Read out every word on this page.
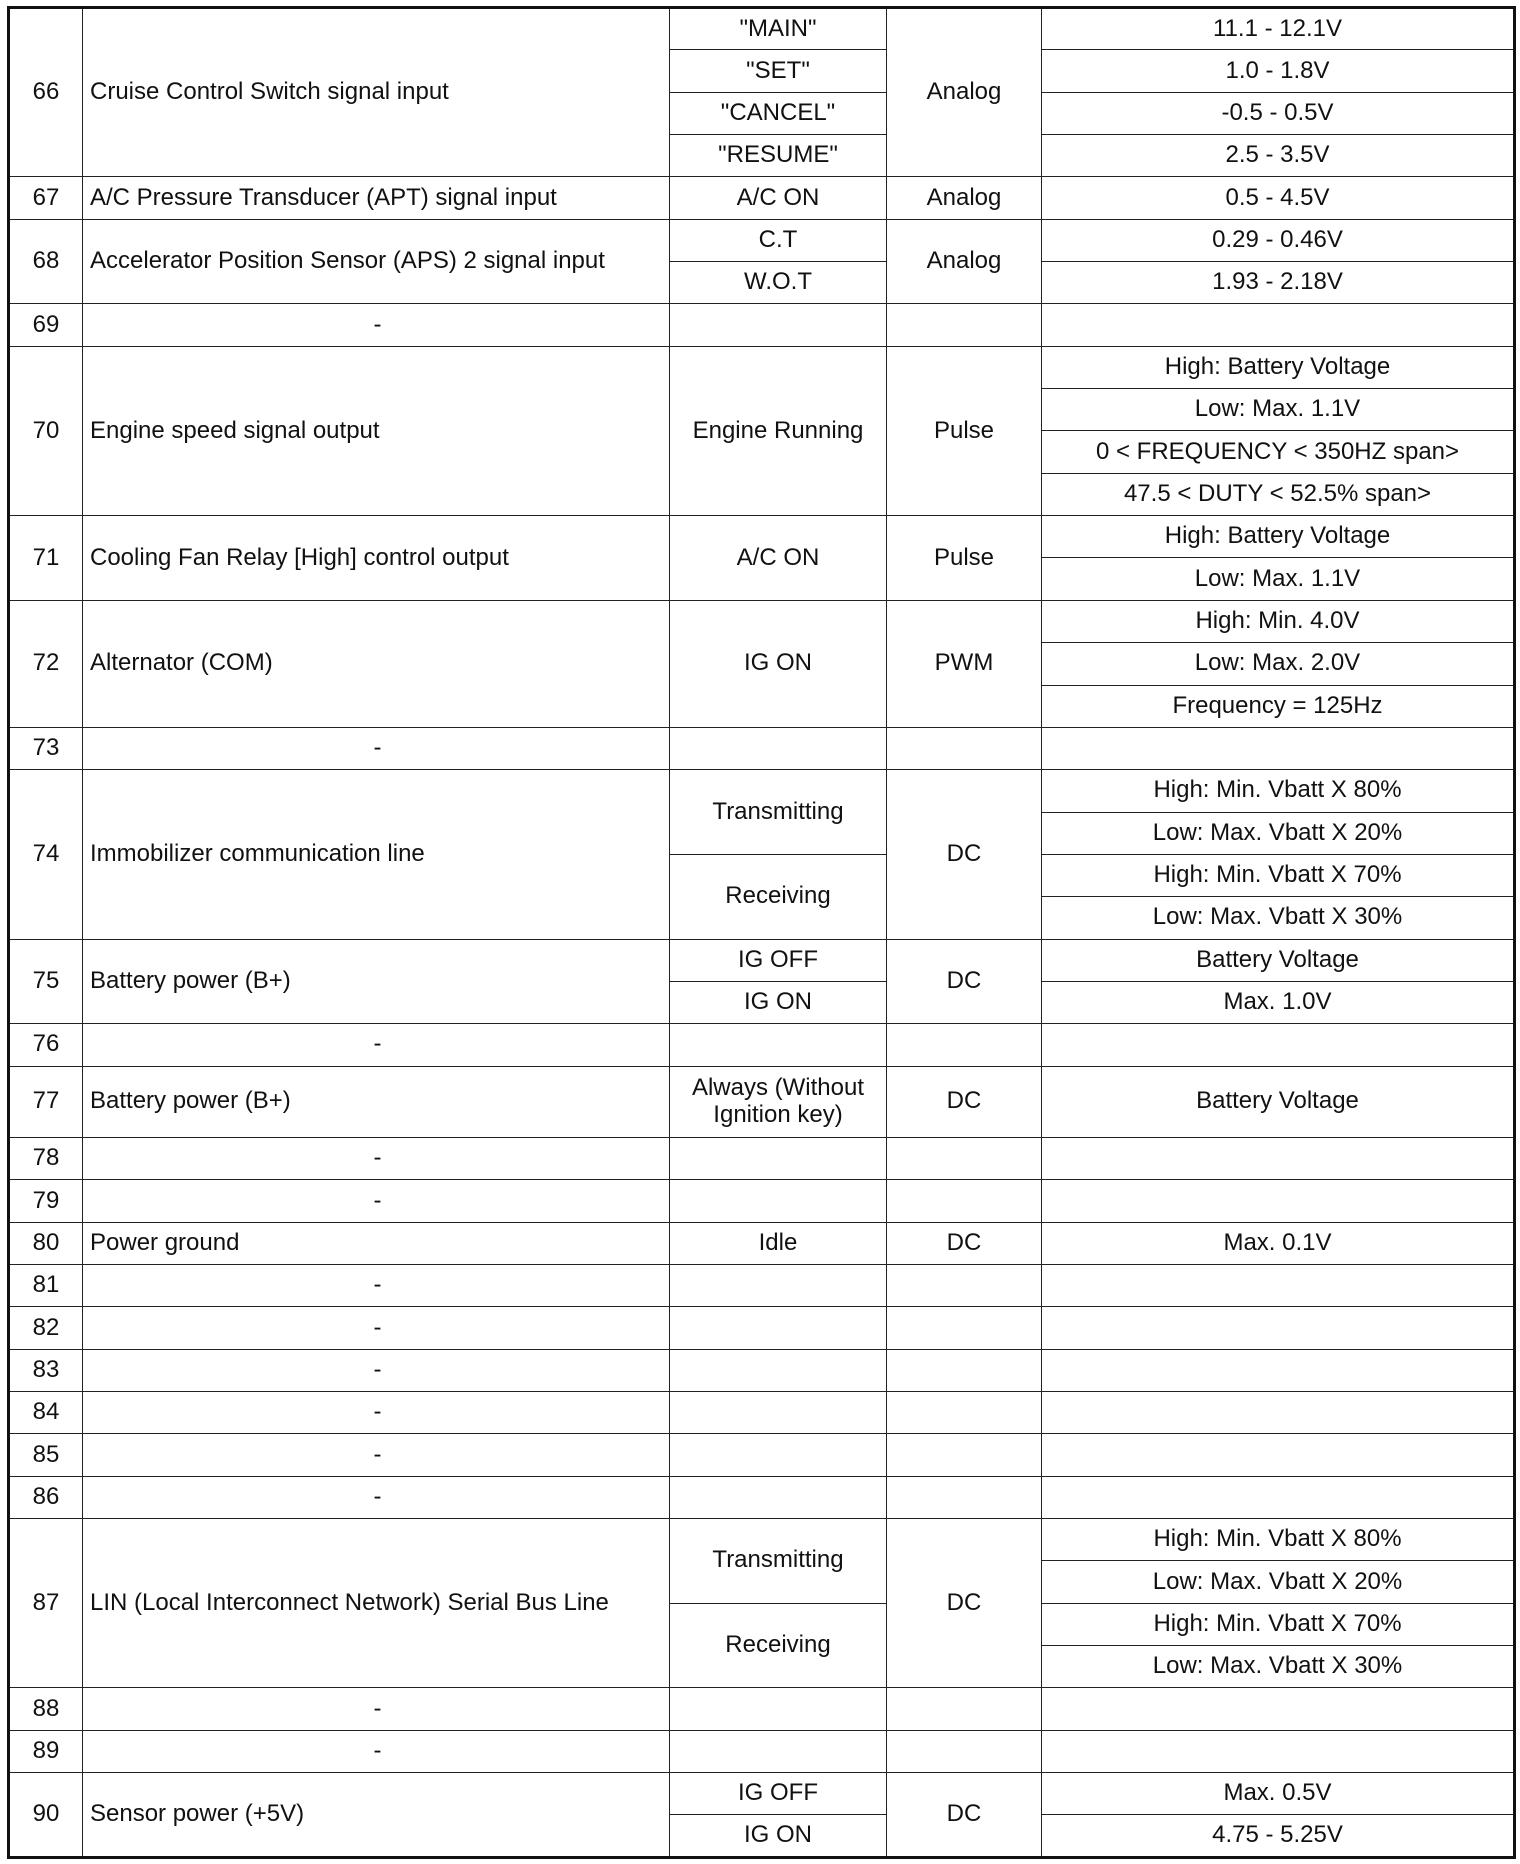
66	Cruise Control Switch signal input	"MAIN"	Analog	11.1 - 12.1V
		"SET"		1.0 - 1.8V
		"CANCEL"		-0.5 - 0.5V
		"RESUME"		2.5 - 3.5V
67	A/C Pressure Transducer (APT) signal input	A/C ON	Analog	0.5 - 4.5V
68	Accelerator Position Sensor (APS) 2 signal input	C.T	Analog	0.29 - 0.46V
		W.O.T		1.93 - 2.18V
69	-			
70	Engine speed signal output	Engine Running	Pulse	High: Battery Voltage
				Low: Max. 1.1V
				0 < FREQUENCY < 350HZ span>
				47.5 < DUTY < 52.5% span>
71	Cooling Fan Relay [High] control output	A/C ON	Pulse	High: Battery Voltage
				Low: Max. 1.1V
72	Alternator (COM)	IG ON	PWM	High: Min. 4.0V
				Low: Max. 2.0V
				Frequency = 125Hz
73	-			
74	Immobilizer communication line	Transmitting	DC	High: Min. Vbatt X 80%
				Low: Max. Vbatt X 20%
		Receiving		High: Min. Vbatt X 70%
				Low: Max. Vbatt X 30%
75	Battery power (B+)	IG OFF	DC	Battery Voltage
		IG ON		Max. 1.0V
76	-			
77	Battery power (B+)	Always (Without Ignition key)	DC	Battery Voltage
78	-			
79	-			
80	Power ground	Idle	DC	Max. 0.1V
81	-			
82	-			
83	-			
84	-			
85	-			
86	-			
87	LIN (Local Interconnect Network) Serial Bus Line	Transmitting	DC	High: Min. Vbatt X 80%
				Low: Max. Vbatt X 20%
		Receiving		High: Min. Vbatt X 70%
				Low: Max. Vbatt X 30%
88	-			
89	-			
90	Sensor power (+5V)	IG OFF	DC	Max. 0.5V
		IG ON		4.75 - 5.25V
